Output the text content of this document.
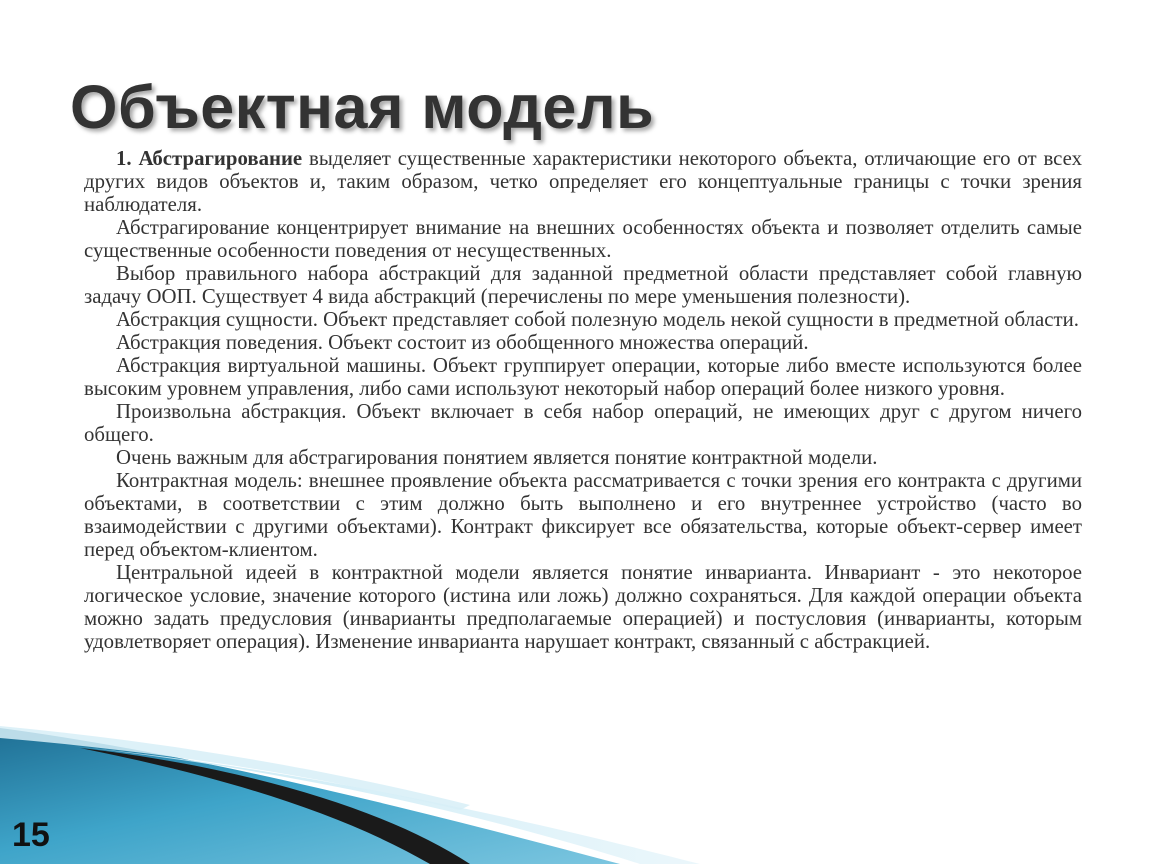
Объектная модель

1. Абстрагирование выделяет существенные характеристики некоторого объекта, отличающие его от всех других видов объектов и, таким образом, четко определяет его концептуальные границы с точки зрения наблюдателя.

Абстрагирование концентрирует внимание на внешних особенностях объекта и позволяет отделить самые существенные особенности поведения от несущественных.

Выбор правильного набора абстракций для заданной предметной области представляет собой главную задачу ООП. Существует 4 вида абстракций (перечислены по мере уменьшения полезности).

Абстракция сущности. Объект представляет собой полезную модель некой сущности в предметной области.

Абстракция поведения. Объект состоит из обобщенного множества операций.

Абстракция виртуальной машины. Объект группирует операции, которые либо вместе используются более высоким уровнем управления, либо сами используют некоторый набор операций более низкого уровня.

Произвольна абстракция. Объект включает в себя набор операций, не имеющих друг с другом ничего общего.

Очень важным для абстрагирования понятием является понятие контрактной модели.

Контрактная модель: внешнее проявление объекта рассматривается с точки зрения его контракта с другими объектами, в соответствии с этим должно быть выполнено и его внутреннее устройство (часто во взаимодействии с другими объектами). Контракт фиксирует все обязательства, которые объект-сервер имеет перед объектом-клиентом.

Центральной идеей в контрактной модели является понятие инварианта. Инвариант - это некоторое логическое условие, значение которого (истина или ложь) должно сохраняться. Для каждой операции объекта можно задать предусловия (инварианты предполагаемые операцией) и постусловия (инварианты, которым удовлетворяет операция). Изменение инварианта нарушает контракт, связанный с абстракцией.

15
